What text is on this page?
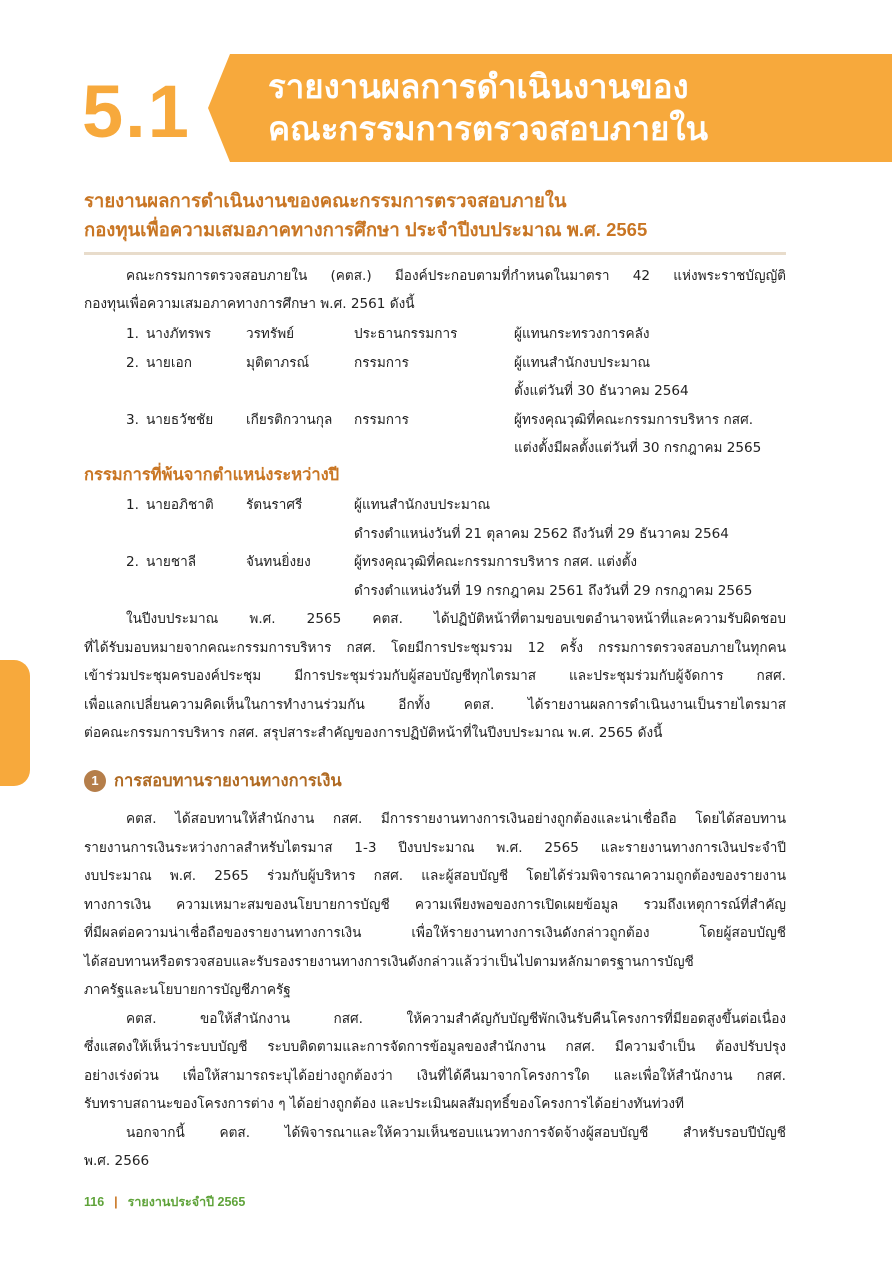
5.1 รายงานผลการดำเนินงานของ
คณะกรรมการตรวจสอบภายใน
รายงานผลการดำเนินงานของคณะกรรมการตรวจสอบภายใน
กองทุนเพื่อความเสมอภาคทางการศึกษา ประจำปีงบประมาณ พ.ศ. 2565
คณะกรรมการตรวจสอบภายใน (คตส.) มีองค์ประกอบตามที่กำหนดในมาตรา 42 แห่งพระราชบัญญัติ
กองทุนเพื่อความเสมอภาคทางการศึกษา พ.ศ. 2561 ดังนี้
1. นางภัทรพร	วรทรัพย์	ประธานกรรมการ	ผู้แทนกระทรวงการคลัง
2. นายเอก	มุติตาภรณ์	กรรมการ	ผู้แทนสำนักงบประมาณ
ตั้งแต่วันที่ 30 ธันวาคม 2564
3. นายธวัชชัย เกียรติกวานกุล กรรมการ	ผู้ทรงคุณวุฒิที่คณะกรรมการบริหาร กสศ.
แต่งตั้งมีผลตั้งแต่วันที่ 30 กรกฎาคม 2565
กรรมการที่พ้นจากตำแหน่งระหว่างปี
1. นายอภิชาติ รัตนราศรี	ผู้แทนสำนักงบประมาณ
ดำรงตำแหน่งวันที่ 21 ตุลาคม 2562 ถึงวันที่ 29 ธันวาคม 2564
2. นายชาลี	จันทนยิ่งยง	ผู้ทรงคุณวุฒิที่คณะกรรมการบริหาร กสศ. แต่งตั้ง
ดำรงตำแหน่งวันที่ 19 กรกฎาคม 2561 ถึงวันที่ 29 กรกฎาคม 2565
ในปีงบประมาณ พ.ศ. 2565 คตส. ได้ปฏิบัติหน้าที่ตามขอบเขตอำนาจหน้าที่และความรับผิดชอบ
ที่ได้รับมอบหมายจากคณะกรรมการบริหาร กสศ. โดยมีการประชุมรวม 12 ครั้ง กรรมการตรวจสอบภายในทุกคน
เข้าร่วมประชุมครบองค์ประชุม มีการประชุมร่วมกับผู้สอบบัญชีทุกไตรมาส และประชุมร่วมกับผู้จัดการ กสศ.
เพื่อแลกเปลี่ยนความคิดเห็นในการทำงานร่วมกัน อีกทั้ง คตส. ได้รายงานผลการดำเนินงานเป็นรายไตรมาส
ต่อคณะกรรมการบริหาร กสศ. สรุปสาระสำคัญของการปฏิบัติหน้าที่ในปีงบประมาณ พ.ศ. 2565 ดังนี้
1 การสอบทานรายงานทางการเงิน
คตส. ได้สอบทานให้สำนักงาน กสศ. มีการรายงานทางการเงินอย่างถูกต้องและน่าเชื่อถือ โดยได้สอบทาน
รายงานการเงินระหว่างกาลสำหรับไตรมาส 1-3 ปีงบประมาณ พ.ศ. 2565 และรายงานทางการเงินประจำปี
งบประมาณ พ.ศ. 2565 ร่วมกับผู้บริหาร กสศ. และผู้สอบบัญชี โดยได้ร่วมพิจารณาความถูกต้องของรายงาน
ทางการเงิน ความเหมาะสมของนโยบายการบัญชี ความเพียงพอของการเปิดเผยข้อมูล รวมถึงเหตุการณ์ที่สำคัญ
ที่มีผลต่อความน่าเชื่อถือของรายงานทางการเงิน เพื่อให้รายงานทางการเงินดังกล่าวถูกต้อง โดยผู้สอบบัญชี
ได้สอบทานหรือตรวจสอบและรับรองรายงานทางการเงินดังกล่าวแล้วว่าเป็นไปตามหลักมาตรฐานการบัญชี
ภาครัฐและนโยบายการบัญชีภาครัฐ
คตส. ขอให้สำนักงาน กสศ. ให้ความสำคัญกับบัญชีพักเงินรับคืนโครงการที่มียอดสูงขึ้นต่อเนื่อง
ซึ่งแสดงให้เห็นว่าระบบบัญชี ระบบติดตามและการจัดการข้อมูลของสำนักงาน กสศ. มีความจำเป็น ต้องปรับปรุง
อย่างเร่งด่วน เพื่อให้สามารถระบุได้อย่างถูกต้องว่า เงินที่ได้คืนมาจากโครงการใด และเพื่อให้สำนักงาน กสศ.
รับทราบสถานะของโครงการต่าง ๆ ได้อย่างถูกต้อง และประเมินผลสัมฤทธิ์ของโครงการได้อย่างทันท่วงที
นอกจากนี้ คตส. ได้พิจารณาและให้ความเห็นชอบแนวทางการจัดจ้างผู้สอบบัญชี สำหรับรอบปีบัญชี
พ.ศ. 2566
116 | รายงานประจำปี 2565
